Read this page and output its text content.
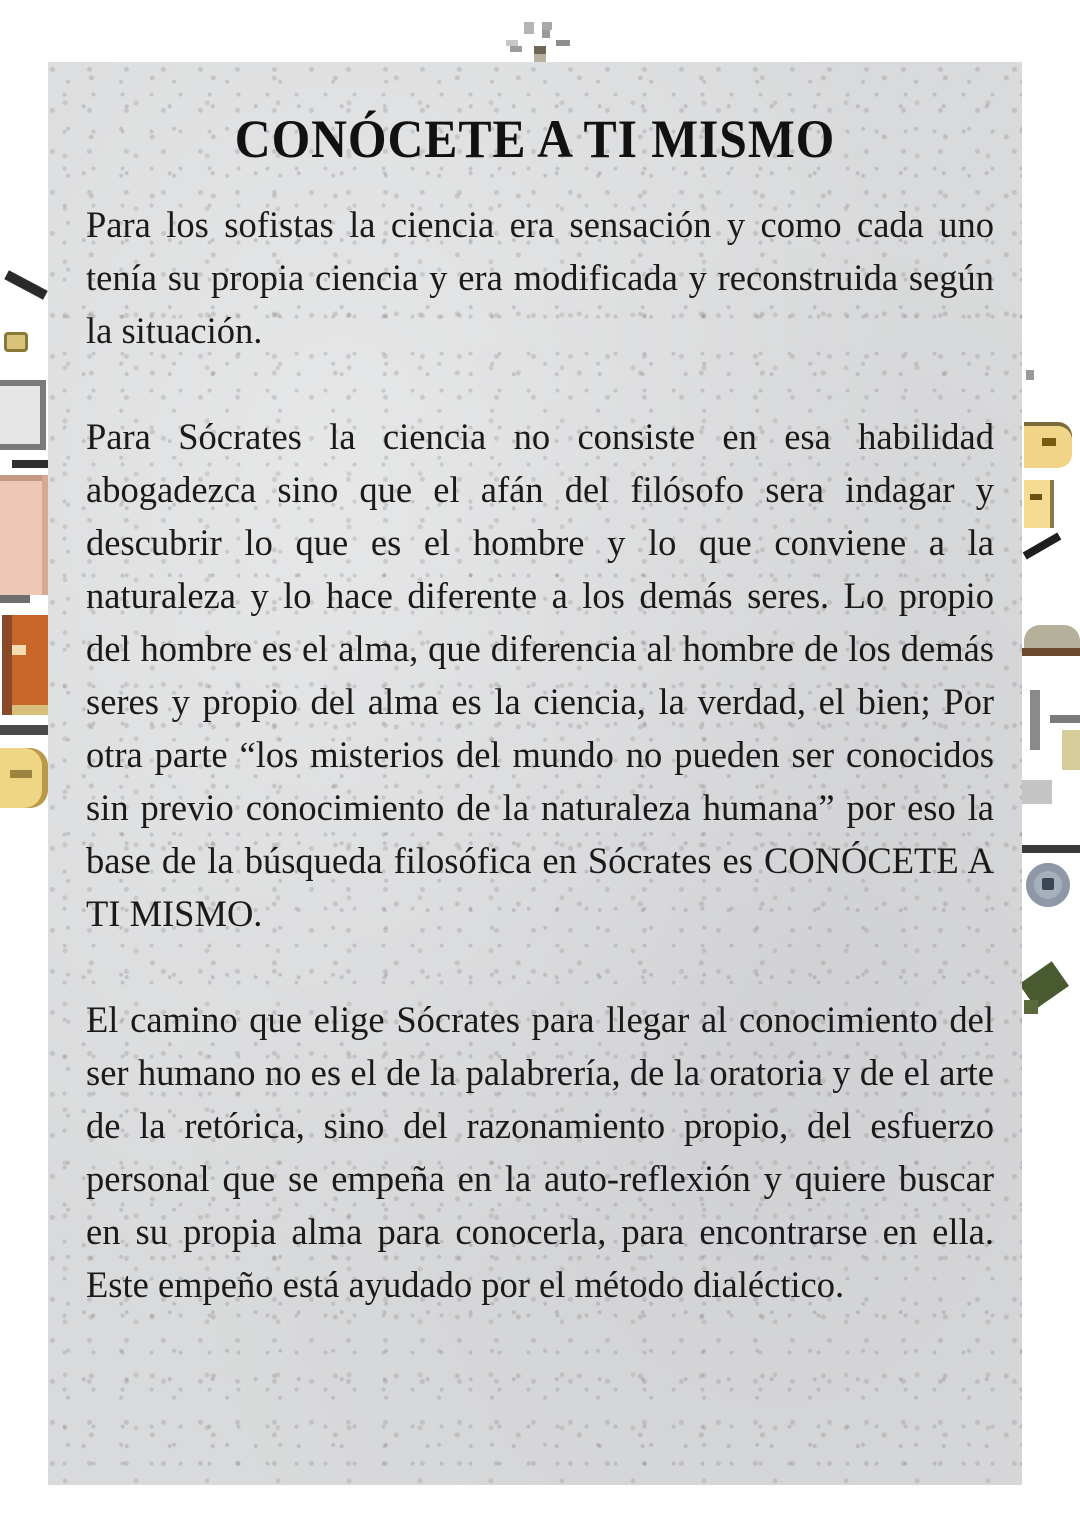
CONÓCETE A TI MISMO

Para los sofistas la ciencia era sensación y como cada uno tenía su propia ciencia y era modificada y reconstruida según la situación.

Para Sócrates la ciencia no consiste en esa habilidad abogadezca sino que el afán del filósofo sera indagar y descubrir lo que es el hombre y lo que conviene a la naturaleza y lo hace diferente a los demás seres. Lo propio del hombre es el alma, que diferencia al hombre de los demás seres y propio del alma es la ciencia, la verdad, el bien; Por otra parte “los misterios del mundo no pueden ser conocidos sin previo conocimiento de la naturaleza humana” por eso la base de la búsqueda filosófica en Sócrates es CONÓCETE A TI MISMO.

El camino que elige Sócrates para llegar al conocimiento del ser humano no es el de la palabrería, de la oratoria y de el arte de la retórica, sino del razonamiento propio, del esfuerzo personal que se empeña en la auto-reflexión y quiere buscar en su propia alma para conocerla, para encontrarse en ella. Este empeño está ayudado por el método dialéctico.
